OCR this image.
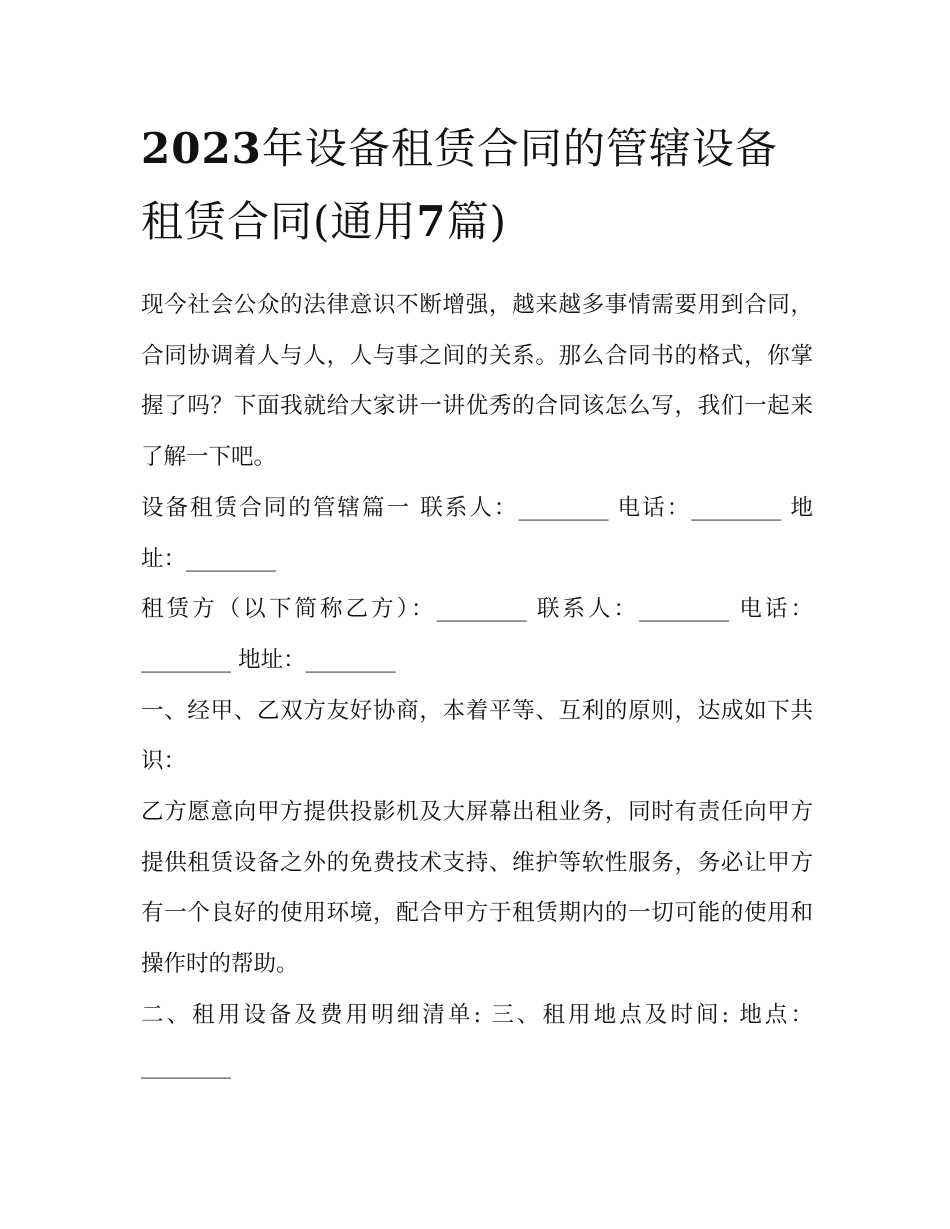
2023年设备租赁合同的管辖设备租赁合同(通用7篇)

现今社会公众的法律意识不断增强，越来越多事情需要用到合同，合同协调着人与人，人与事之间的关系。那么合同书的格式，你掌握了吗？下面我就给大家讲一讲优秀的合同该怎么写，我们一起来了解一下吧。

设备租赁合同的管辖篇一 联系人：________ 电话：________ 地址：________

租赁方（以下简称乙方）：________ 联系人：________ 电话：________ 地址：________

一、经甲、乙双方友好协商，本着平等、互利的原则，达成如下共识：

乙方愿意向甲方提供投影机及大屏幕出租业务，同时有责任向甲方提供租赁设备之外的免费技术支持、维护等软性服务，务必让甲方有一个良好的使用环境，配合甲方于租赁期内的一切可能的使用和操作时的帮助。

二、租用设备及费用明细清单: 三、租用地点及时间: 地点：________
